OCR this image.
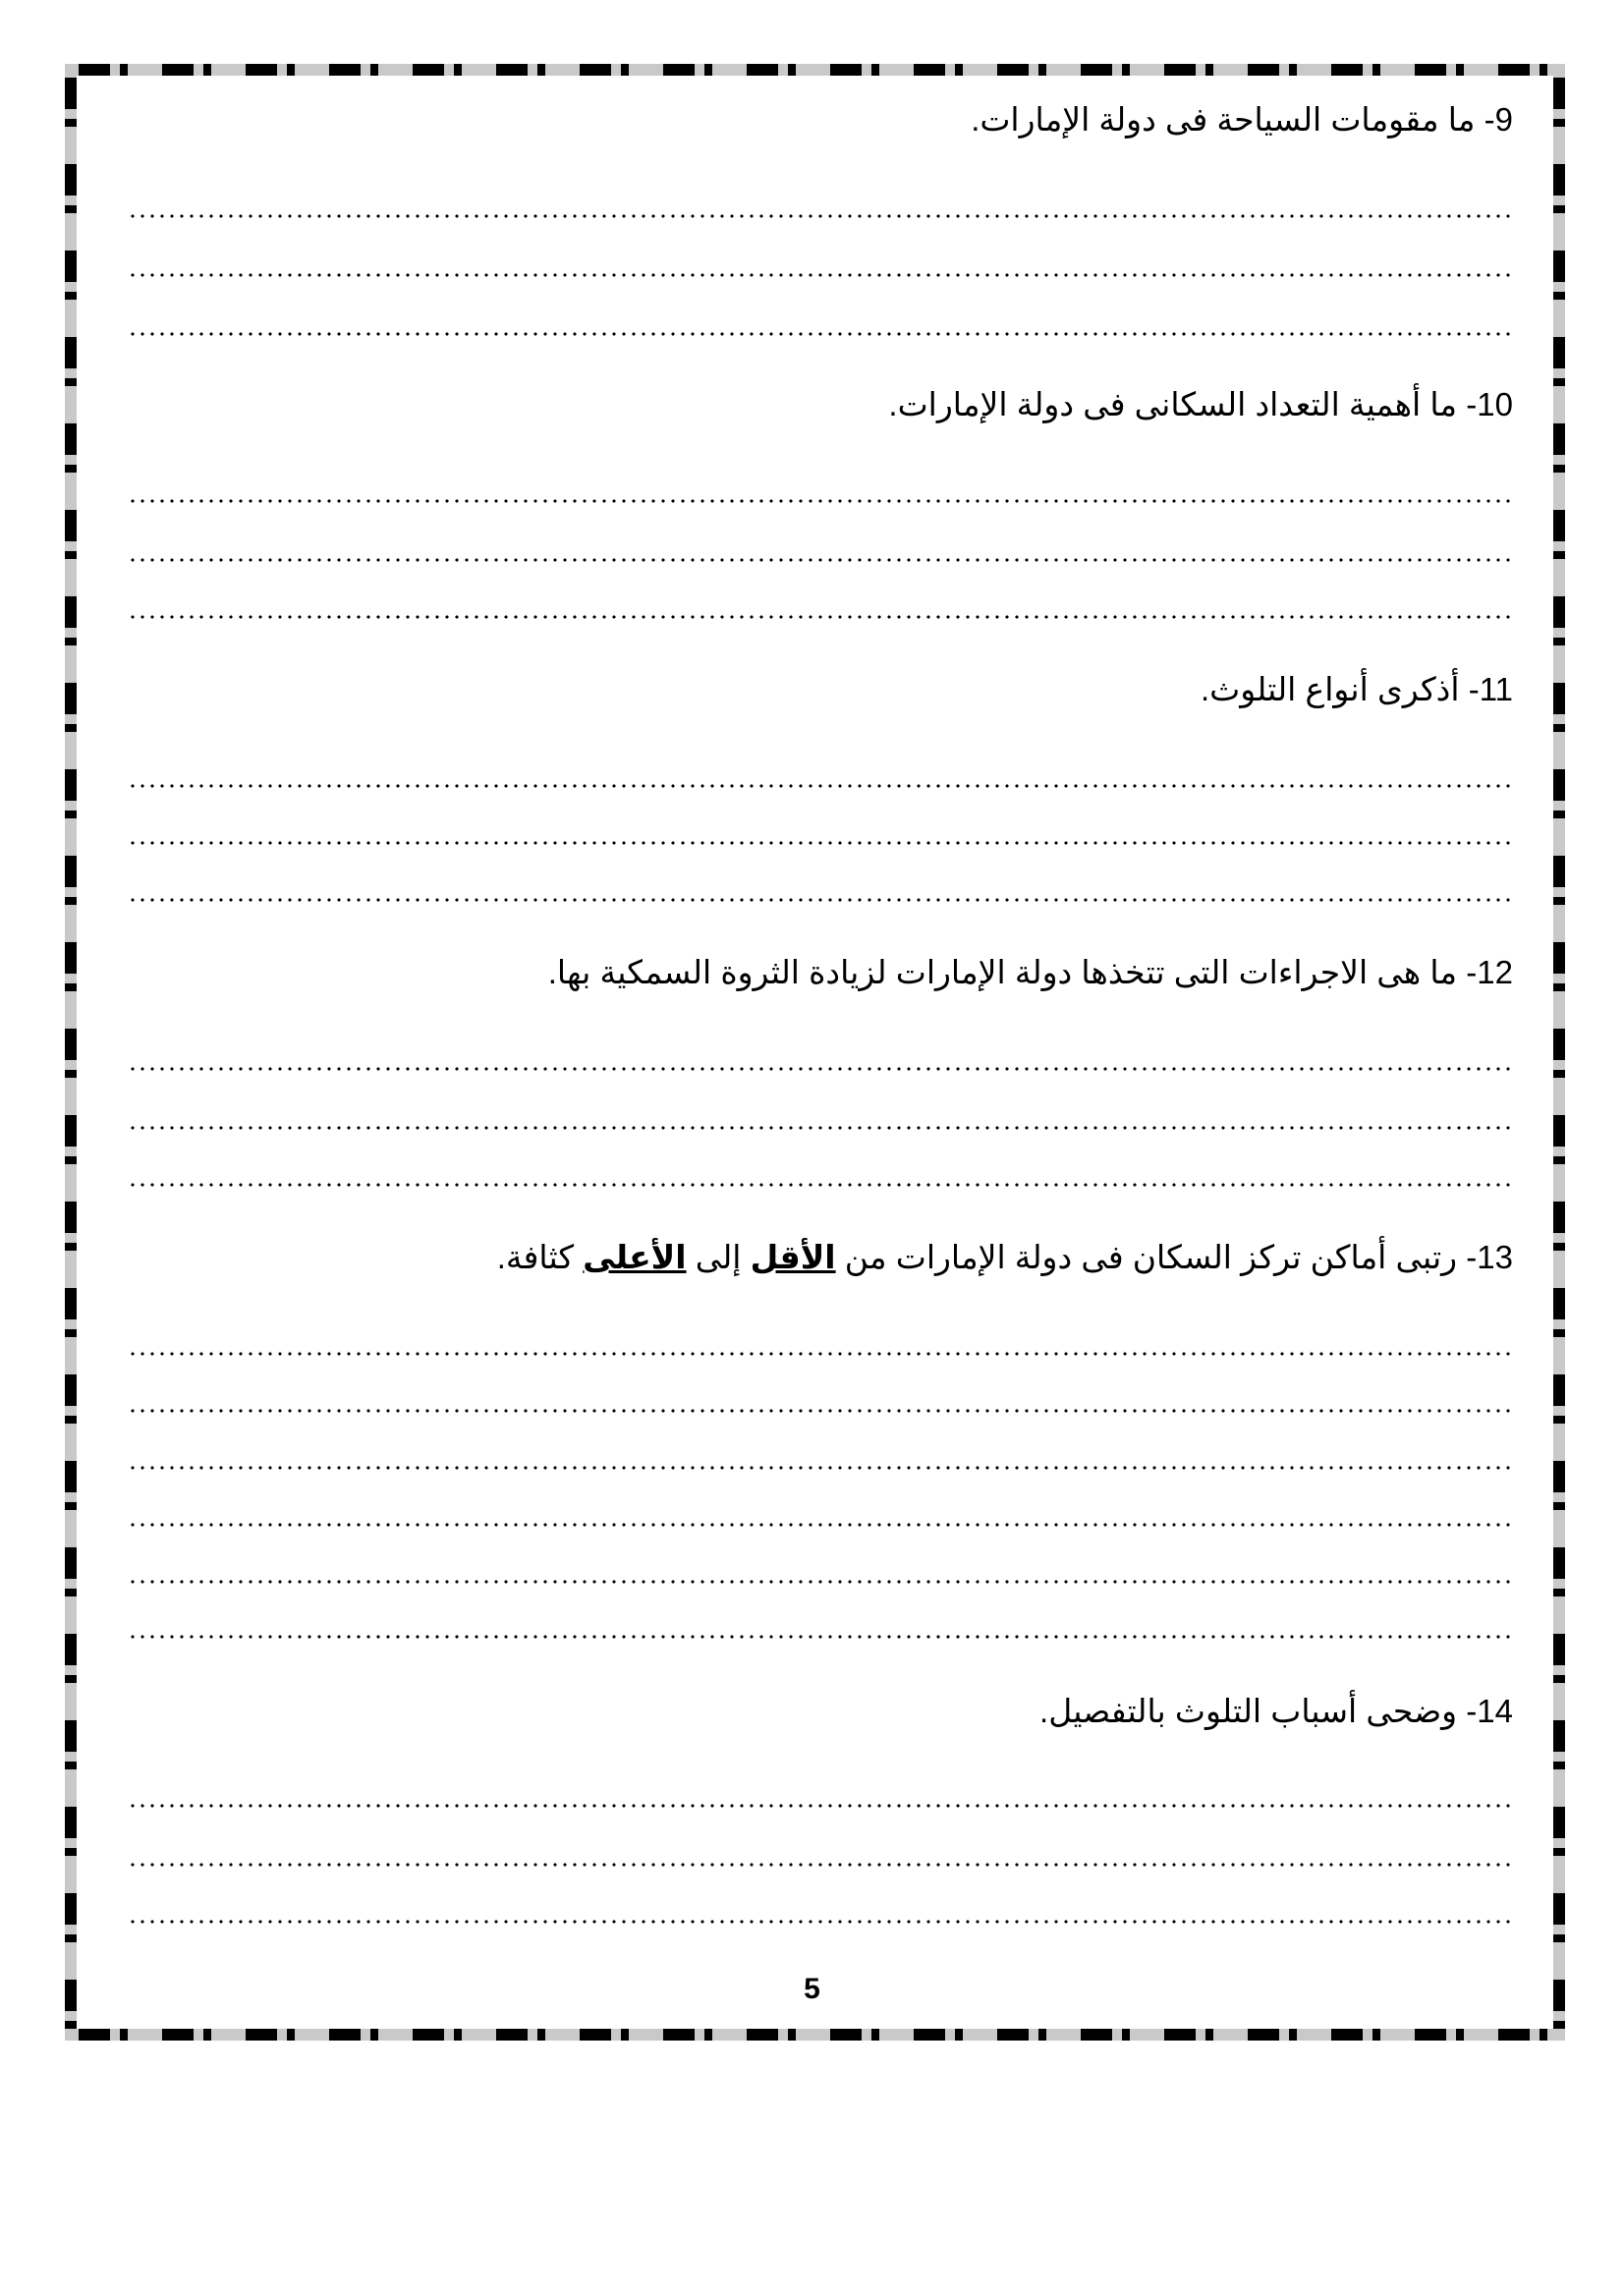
9- ما مقومات السياحة فى دولة الإمارات.
10- ما أهمية التعداد السكانى فى دولة الإمارات.
11- أذكرى أنواع التلوث.
12- ما هى الاجراءات التى تتخذها دولة الإمارات لزيادة الثروة السمكية بها.
13- رتبى أماكن تركز السكان فى دولة الإمارات من الأقل إلى الأعلى كثافة.
14- وضحى أسباب التلوث بالتفصيل.
5
